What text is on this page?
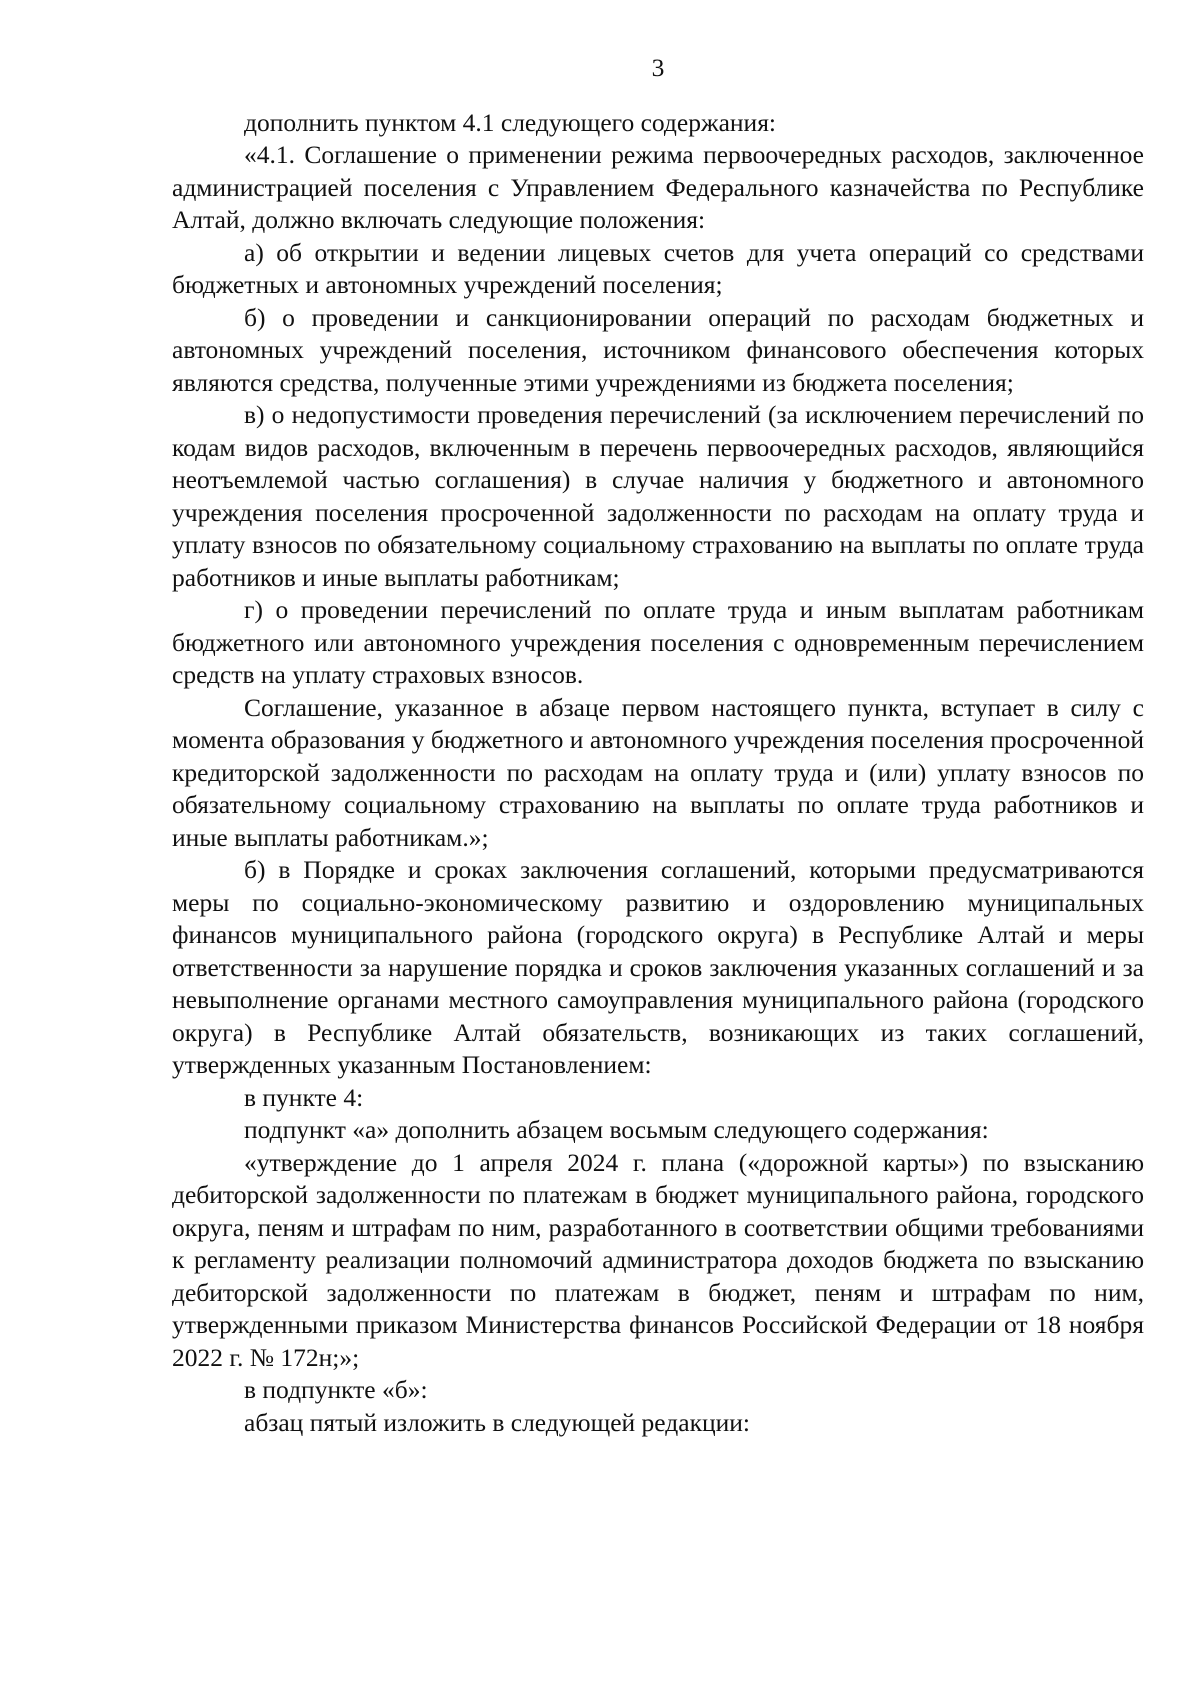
3

дополнить пунктом 4.1 следующего содержания:

«4.1. Соглашение о применении режима первоочередных расходов, заключенное администрацией поселения с Управлением Федерального казначейства по Республике Алтай, должно включать следующие положения:

а) об открытии и ведении лицевых счетов для учета операций со средствами бюджетных и автономных учреждений поселения;

б) о проведении и санкционировании операций по расходам бюджетных и автономных учреждений поселения, источником финансового обеспечения которых являются средства, полученные этими учреждениями из бюджета поселения;

в) о недопустимости проведения перечислений (за исключением перечислений по кодам видов расходов, включенным в перечень первоочередных расходов, являющийся неотъемлемой частью соглашения) в случае наличия у бюджетного и автономного учреждения поселения просроченной задолженности по расходам на оплату труда и уплату взносов по обязательному социальному страхованию на выплаты по оплате труда работников и иные выплаты работникам;

г) о проведении перечислений по оплате труда и иным выплатам работникам бюджетного или автономного учреждения поселения с одновременным перечислением средств на уплату страховых взносов.

Соглашение, указанное в абзаце первом настоящего пункта, вступает в силу с момента образования у бюджетного и автономного учреждения поселения просроченной кредиторской задолженности по расходам на оплату труда и (или) уплату взносов по обязательному социальному страхованию на выплаты по оплате труда работников и иные выплаты работникам.»;

б) в Порядке и сроках заключения соглашений, которыми предусматриваются меры по социально-экономическому развитию и оздоровлению муниципальных финансов муниципального района (городского округа) в Республике Алтай и меры ответственности за нарушение порядка и сроков заключения указанных соглашений и за невыполнение органами местного самоуправления муниципального района (городского округа) в Республике Алтай обязательств, возникающих из таких соглашений, утвержденных указанным Постановлением:

в пункте 4:

подпункт «а» дополнить абзацем восьмым следующего содержания:

«утверждение до 1 апреля 2024 г. плана («дорожной карты») по взысканию дебиторской задолженности по платежам в бюджет муниципального района, городского округа, пеням и штрафам по ним, разработанного в соответствии общими требованиями к регламенту реализации полномочий администратора доходов бюджета по взысканию дебиторской задолженности по платежам в бюджет, пеням и штрафам по ним, утвержденными приказом Министерства финансов Российской Федерации от 18 ноября 2022 г. № 172н;»;

в подпункте «б»:

абзац пятый изложить в следующей редакции:
